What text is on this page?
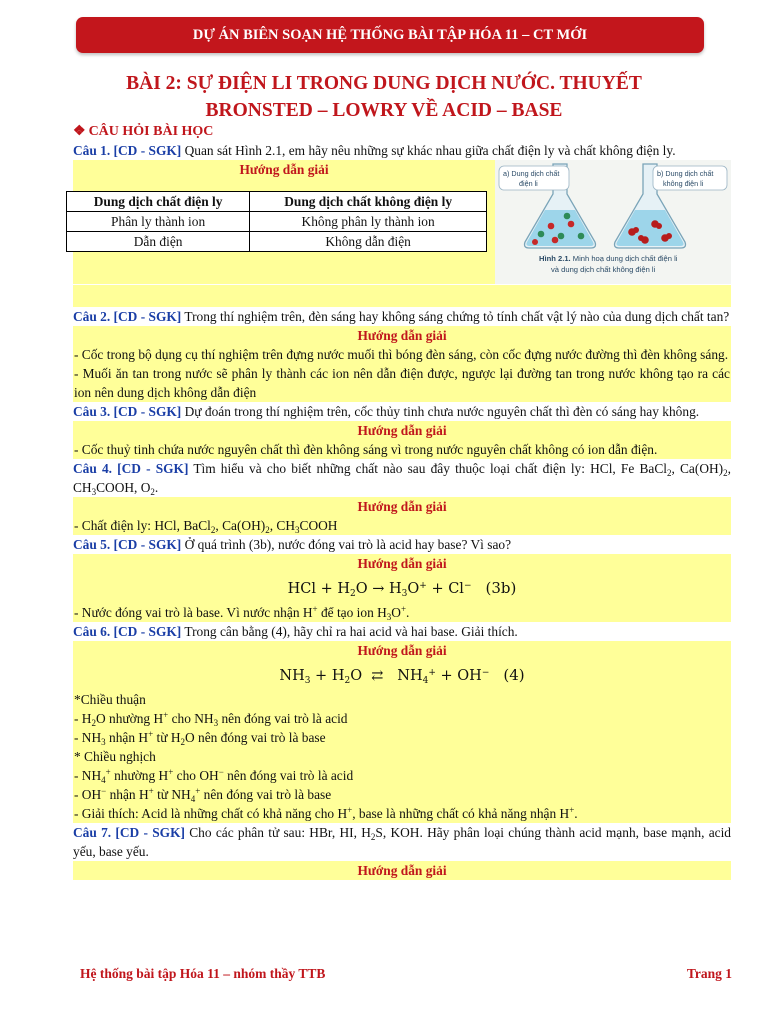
DỰ ÁN BIÊN SOẠN HỆ THỐNG BÀI TẬP HÓA 11 – CT MỚI
BÀI 2: SỰ ĐIỆN LI TRONG DUNG DỊCH NƯỚC. THUYẾT
BRONSTED – LOWRY VỀ ACID – BASE
❖ CÂU HỎI BÀI HỌC

Câu 1. [CD - SGK] Quan sát Hình 2.1, em hãy nêu những sự khác nhau giữa chất điện ly và chất không điện ly.

Hướng dẫn giải
Dung dịch chất điện ly	Dung dịch chất không điện ly
Phân ly thành ion	Không phân ly thành ion
Dẫn điện	Không dẫn điện
a) Dung dịch chất
điện li
b) Dung dịch chất
không điện li
Hình 2.1. Minh hoạ dung dịch chất điện li
và dung dịch chất không điện li

Câu 2. [CD - SGK] Trong thí nghiệm trên, đèn sáng hay không sáng chứng tỏ tính chất vật lý nào của dung dịch chất tan?

Hướng dẫn giải

- Cốc trong bộ dụng cụ thí nghiệm trên đựng nước muối thì bóng đèn sáng, còn cốc đựng nước đường thì đèn không sáng.

- Muối ăn tan trong nước sẽ phân ly thành các ion nên dẫn điện được, ngược lại đường tan trong nước không tạo ra các ion nên dung dịch không dẫn điện

Câu 3. [CD - SGK] Dự đoán trong thí nghiệm trên, cốc thủy tinh chưa nước nguyên chất thì đèn có sáng hay không.

Hướng dẫn giải

- Cốc thuỷ tinh chứa nước nguyên chất thì đèn không sáng vì trong nước nguyên chất không có ion dẫn điện.

Câu 4. [CD - SGK] Tìm hiểu và cho biết những chất nào sau đây thuộc loại chất điện ly: HCl, Fe BaCl$_2$, $Ca(OH)_2$, $CH_3COOH$, $O_2$.

Hướng dẫn giải

- Chất điện ly: HCl, BaCl$_2$, $Ca(OH)_2$, $CH_3COOH$

Câu 5. [CD - SGK] Ở quá trình (3b), nước đóng vai trò là acid hay base? Vì sao?

Hướng dẫn giải
HCl + $H_2O \to H_3O^+ + Cl^-$ (3b)

- Nước đóng vai trò là base. Vì nước nhận H+ để tạo ion $H_3O^+$.

Câu 6. [CD - SGK] Trong cân bằng (4), hãy chỉ ra hai acid và hai base. Giải thích.

Hướng dẫn giải
$NH_3 + H_2O$  ⇄   $NH_4^+ + OH^-$ (4)

*Chiều thuận

- $H_2O$ nhường H+ cho $NH_3$ nên đóng vai trò là acid

- $NH_3$ nhận H+ từ $H_2O$ nên đóng vai trò là base

* Chiều nghịch

- $NH_4^+$ nhường H+ cho OH− nên đóng vai trò là acid

- OH− nhận H+ từ $NH_4^+$ nên đóng vai trò là base

- Giải thích: Acid là những chất có khả năng cho H+, base là những chất có khả năng nhận H+.

Câu 7. [CD - SGK] Cho các phân tử sau: HBr, HI, $H_2S$, KOH. Hãy phân loại chúng thành acid mạnh, base mạnh, acid yếu, base yếu.

Hướng dẫn giải
Hệ thống bài tập Hóa 11 – nhóm thầy TTB	Trang 1
